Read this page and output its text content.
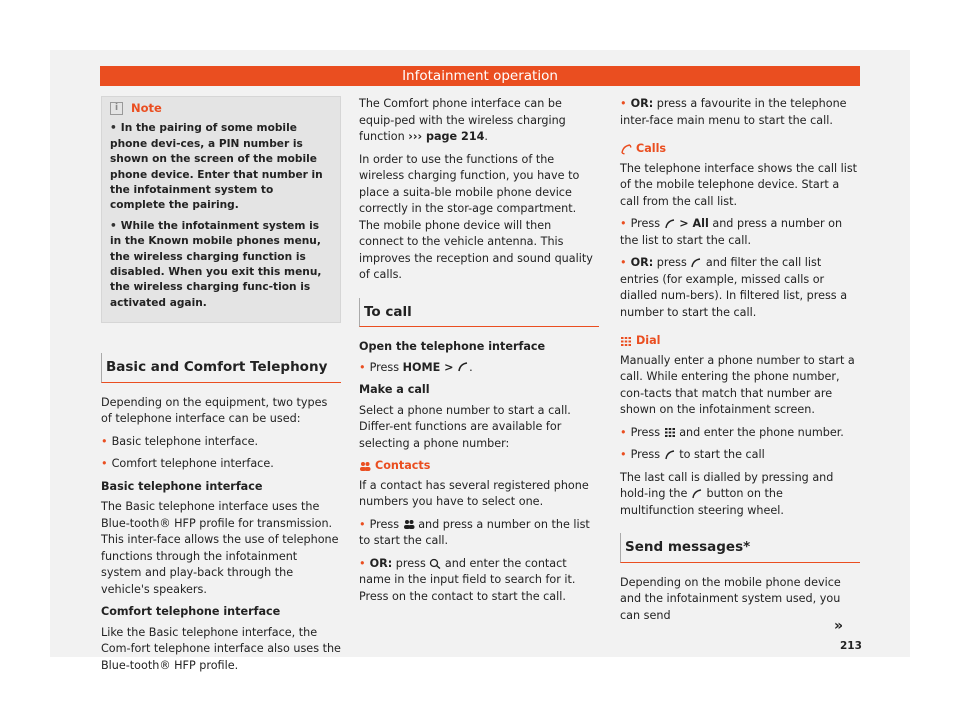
Infotainment operation
i	Note
• In the pairing of some mobile phone devi-ces, a PIN number is shown on the screen of the mobile phone device. Enter that number in the infotainment system to complete the pairing.
• While the infotainment system is in the Known mobile phones menu, the wireless charging function is disabled. When you exit this menu, the wireless charging func-tion is activated again.
Basic and Comfort Telephony

Depending on the equipment, two types of telephone interface can be used:

• Basic telephone interface.

• Comfort telephone interface.

Basic telephone interface

The Basic telephone interface uses the Blue-tooth® HFP profile for transmission. This inter-face allows the use of telephone functions through the infotainment system and play-back through the vehicle's speakers.

Comfort telephone interface

Like the Basic telephone interface, the Com-fort telephone interface also uses the Blue-tooth® HFP profile.

The Comfort phone interface can be equip-ped with the wireless charging function ››› page 214.

In order to use the functions of the wireless charging function, you have to place a suita-ble mobile phone device correctly in the stor-age compartment. The mobile phone device will then connect to the vehicle antenna. This improves the reception and sound quality of calls.

To call

Open the telephone interface

• Press HOME > .

Make a call

Select a phone number to start a call. Differ-ent functions are available for selecting a phone number:

Contacts

If a contact has several registered phone numbers you have to select one.

• Press and press a number on the list to start the call.

• OR: press and enter the contact name in the input field to search for it. Press on the contact to start the call.

• OR: press a favourite in the telephone inter-face main menu to start the call.

Calls

The telephone interface shows the call list of the mobile telephone device. Start a call from the call list.

• Press > All and press a number on the list to start the call.

• OR: press and filter the call list entries (for example, missed calls or dialled num-bers). In filtered list, press a number to start the call.

Dial

Manually enter a phone number to start a call. While entering the phone number, con-tacts that match that number are shown on the infotainment screen.

• Press and enter the phone number.

• Press to start the call

The last call is dialled by pressing and hold-ing the button on the multifunction steering wheel.

Send messages*

Depending on the mobile phone device and the infotainment system used, you can send

»
213
